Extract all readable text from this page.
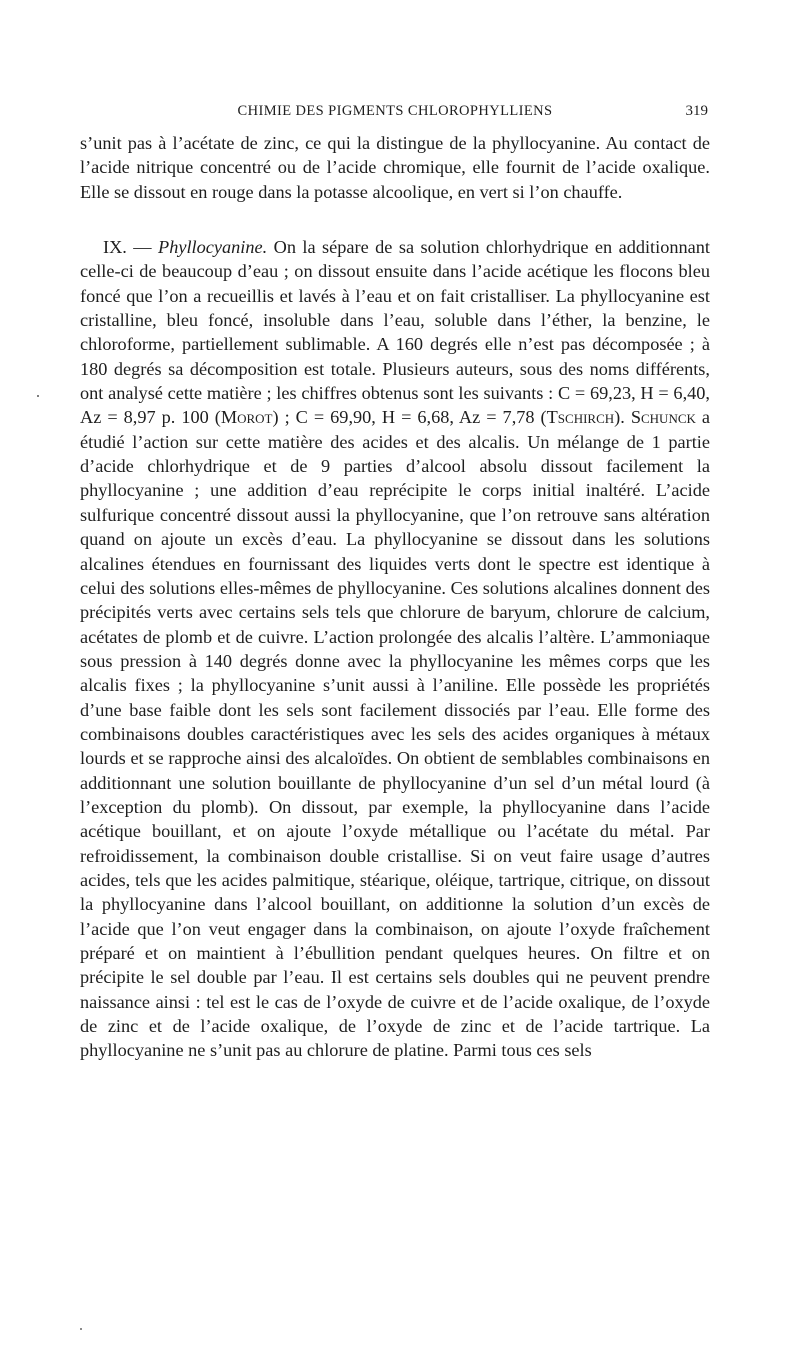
CHIMIE DES PIGMENTS CHLOROPHYLLIENS	319

s’unit pas à l’acétate de zinc, ce qui la distingue de la phyllocyanine. Au contact de l’acide nitrique concentré ou de l’acide chromique, elle fournit de l’acide oxalique. Elle se dissout en rouge dans la potasse alcoolique, en vert si l’on chauffe.

IX. — Phyllocyanine. On la sépare de sa solution chlorhydrique en additionnant celle-ci de beaucoup d’eau ; on dissout ensuite dans l’acide acétique les flocons bleu foncé que l’on a recueillis et lavés à l’eau et on fait cristalliser. La phyllocyanine est cristalline, bleu foncé, insoluble dans l’eau, soluble dans l’éther, la benzine, le chloroforme, partiellement sublimable. A 160 degrés elle n’est pas décomposée ; à 180 degrés sa décomposition est totale. Plusieurs auteurs, sous des noms différents, ont analysé cette matière ; les chiffres obtenus sont les suivants : C = 69,23, H = 6,40, Az = 8,97 p. 100 (Morot) ; C = 69,90, H = 6,68, Az = 7,78 (Tschirch). Schunck a étudié l’action sur cette matière des acides et des alcalis. Un mélange de 1 partie d’acide chlorhydrique et de 9 parties d’alcool absolu dissout facilement la phyllocyanine ; une addition d’eau reprécipite le corps initial inaltéré. L’acide sulfurique concentré dissout aussi la phyllocyanine, que l’on retrouve sans altération quand on ajoute un excès d’eau. La phyllocyanine se dissout dans les solutions alcalines étendues en fournissant des liquides verts dont le spectre est identique à celui des solutions elles-mêmes de phyllocyanine. Ces solutions alcalines donnent des précipités verts avec certains sels tels que chlorure de baryum, chlorure de calcium, acétates de plomb et de cuivre. L’action prolongée des alcalis l’altère. L’ammoniaque sous pression à 140 degrés donne avec la phyllocyanine les mêmes corps que les alcalis fixes ; la phyllocyanine s’unit aussi à l’aniline. Elle possède les propriétés d’une base faible dont les sels sont facilement dissociés par l’eau. Elle forme des combinaisons doubles caractéristiques avec les sels des acides organiques à métaux lourds et se rapproche ainsi des alcaloïdes. On obtient de semblables combinaisons en additionnant une solution bouillante de phyllocyanine d’un sel d’un métal lourd (à l’exception du plomb). On dissout, par exemple, la phyllocyanine dans l’acide acétique bouillant, et on ajoute l’oxyde métallique ou l’acétate du métal. Par refroidissement, la combinaison double cristallise. Si on veut faire usage d’autres acides, tels que les acides palmitique, stéarique, oléique, tartrique, citrique, on dissout la phyllocyanine dans l’alcool bouillant, on additionne la solution d’un excès de l’acide que l’on veut engager dans la combinaison, on ajoute l’oxyde fraîchement préparé et on maintient à l’ébullition pendant quelques heures. On filtre et on précipite le sel double par l’eau. Il est certains sels doubles qui ne peuvent prendre naissance ainsi : tel est le cas de l’oxyde de cuivre et de l’acide oxalique, de l’oxyde de zinc et de l’acide oxalique, de l’oxyde de zinc et de l’acide tartrique. La phyllocyanine ne s’unit pas au chlorure de platine. Parmi tous ces sels
